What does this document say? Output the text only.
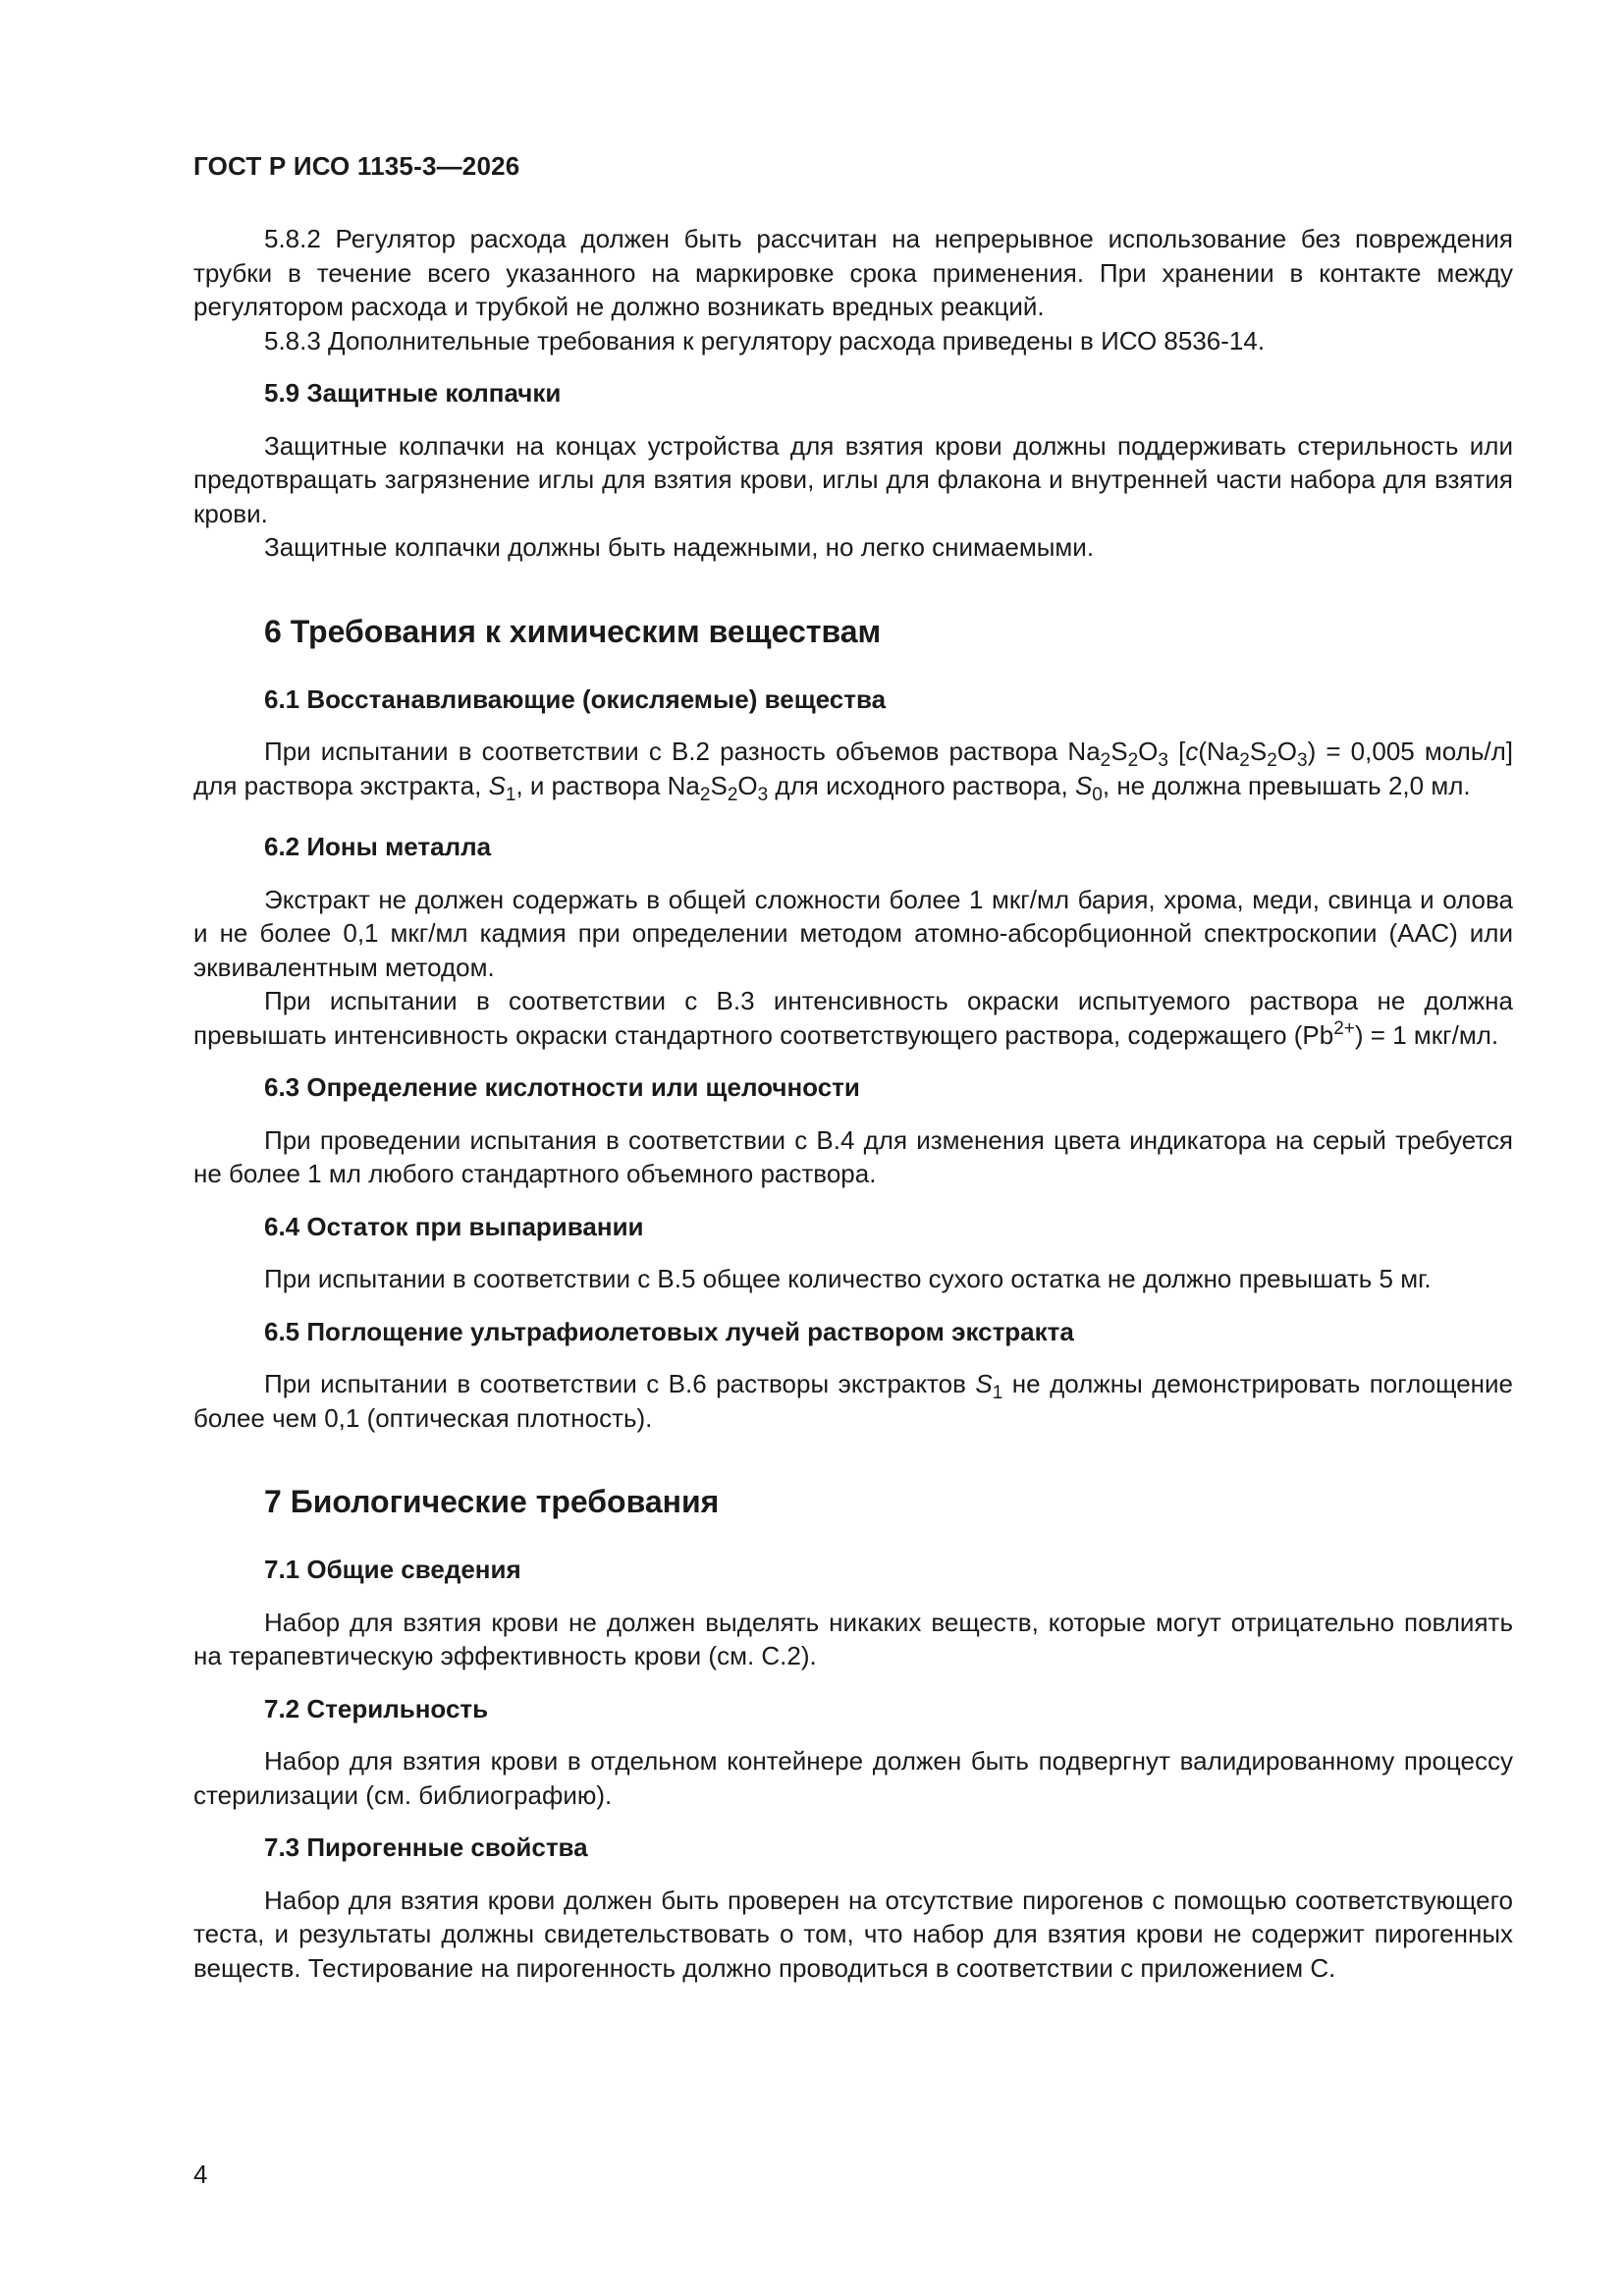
ГОСТ Р ИСО 1135-3—2026

5.8.2 Регулятор расхода должен быть рассчитан на непрерывное использование без повреждения трубки в течение всего указанного на маркировке срока применения. При хранении в контакте между регулятором расхода и трубкой не должно возникать вредных реакций.

5.8.3 Дополнительные требования к регулятору расхода приведены в ИСО 8536-14.

5.9 Защитные колпачки

Защитные колпачки на концах устройства для взятия крови должны поддерживать стерильность или предотвращать загрязнение иглы для взятия крови, иглы для флакона и внутренней части набора для взятия крови.

Защитные колпачки должны быть надежными, но легко снимаемыми.

6 Требования к химическим веществам
6.1 Восстанавливающие (окисляемые) вещества

При испытании в соответствии с В.2 разность объемов раствора $Na_2S_2O_3$ [$c(Na_2S_2O_3) = 0,005$ моль/л] для раствора экстракта, $S_1$, и раствора $Na_2S_2O_3$ для исходного раствора, $S_0$, не должна превышать 2,0 мл.

6.2 Ионы металла

Экстракт не должен содержать в общей сложности более 1 мкг/мл бария, хрома, меди, свинца и олова и не более 0,1 мкг/мл кадмия при определении методом атомно-абсорбционной спектроскопии (ААС) или эквивалентным методом.

При испытании в соответствии с В.3 интенсивность окраски испытуемого раствора не должна превышать интенсивность окраски стандартного соответствующего раствора, содержащего $(Pb^{2+}) = 1$ мкг/мл.

6.3 Определение кислотности или щелочности

При проведении испытания в соответствии с В.4 для изменения цвета индикатора на серый требуется не более 1 мл любого стандартного объемного раствора.

6.4 Остаток при выпаривании

При испытании в соответствии с В.5 общее количество сухого остатка не должно превышать 5 мг.

6.5 Поглощение ультрафиолетовых лучей раствором экстракта

При испытании в соответствии с В.6 растворы экстрактов $S_1$ не должны демонстрировать поглощение более чем 0,1 (оптическая плотность).

7 Биологические требования
7.1 Общие сведения

Набор для взятия крови не должен выделять никаких веществ, которые могут отрицательно повлиять на терапевтическую эффективность крови (см. С.2).

7.2 Стерильность

Набор для взятия крови в отдельном контейнере должен быть подвергнут валидированному процессу стерилизации (см. библиографию).

7.3 Пирогенные свойства

Набор для взятия крови должен быть проверен на отсутствие пирогенов с помощью соответствующего теста, и результаты должны свидетельствовать о том, что набор для взятия крови не содержит пирогенных веществ. Тестирование на пирогенность должно проводиться в соответствии с приложением С.

4
